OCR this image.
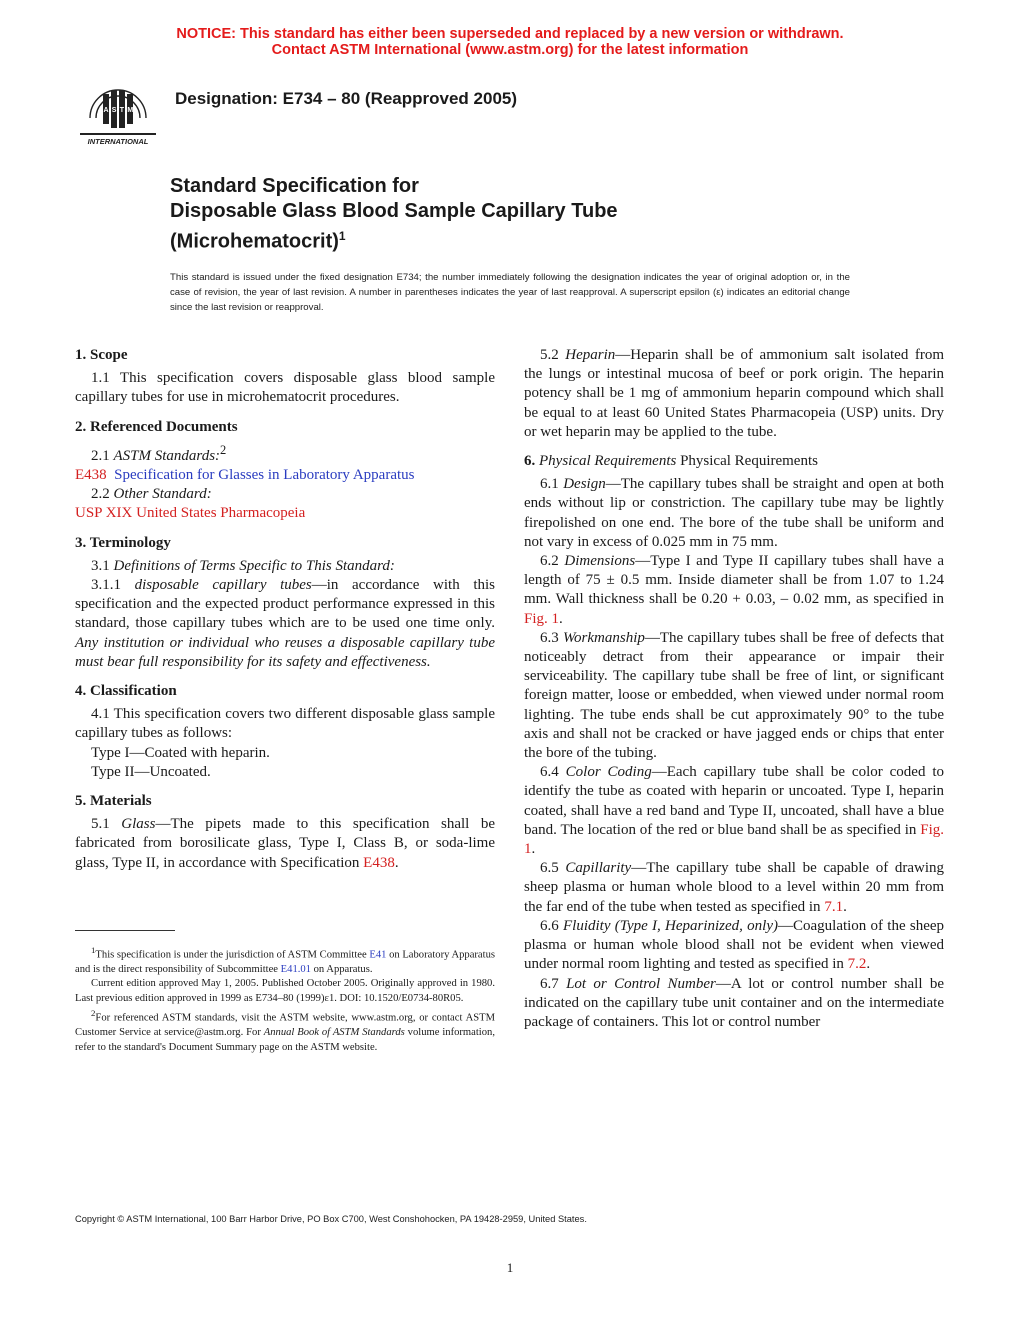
NOTICE: This standard has either been superseded and replaced by a new version or withdrawn.
Contact ASTM International (www.astm.org) for the latest information
A S T M
INTERNATIONAL
Designation: E734 – 80 (Reapproved 2005)
Standard Specification for
Disposable Glass Blood Sample Capillary Tube
(Microhematocrit)$^1$
This standard is issued under the fixed designation E734; the number immediately following the designation indicates the year of original adoption or, in the case of revision, the year of last revision. A number in parentheses indicates the year of last reapproval. A superscript epsilon (ε) indicates an editorial change since the last revision or reapproval.

1. Scope

1.1 This specification covers disposable glass blood sample capillary tubes for use in microhematocrit procedures.

2. Referenced Documents

2.1 ASTM Standards:$^2$

E438 Specification for Glasses in Laboratory Apparatus

2.2 Other Standard:

USP XIX United States Pharmacopeia

3. Terminology

3.1 Definitions of Terms Specific to This Standard:

3.1.1 disposable capillary tubes—in accordance with this specification and the expected product performance expressed in this standard, those capillary tubes which are to be used one time only. Any institution or individual who reuses a disposable capillary tube must bear full responsibility for its safety and effectiveness.

4. Classification

4.1 This specification covers two different disposable glass sample capillary tubes as follows:

Type I—Coated with heparin.

Type II—Uncoated.

5. Materials

5.1 Glass—The pipets made to this specification shall be fabricated from borosilicate glass, Type I, Class B, or soda-lime glass, Type II, in accordance with Specification E438.

$^1$This specification is under the jurisdiction of ASTM Committee E41 on Laboratory Apparatus and is the direct responsibility of Subcommittee E41.01 on Apparatus.

Current edition approved May 1, 2005. Published October 2005. Originally approved in 1980. Last previous edition approved in 1999 as E734–80 (1999)ε1. DOI: 10.1520/E0734-80R05.

$^2$For referenced ASTM standards, visit the ASTM website, www.astm.org, or contact ASTM Customer Service at service@astm.org. For Annual Book of ASTM Standards volume information, refer to the standard's Document Summary page on the ASTM website.

5.2 Heparin—Heparin shall be of ammonium salt isolated from the lungs or intestinal mucosa of beef or pork origin. The heparin potency shall be 1 mg of ammonium heparin compound which shall be equal to at least 60 United States Pharmacopeia (USP) units. Dry or wet heparin may be applied to the tube.

6. Physical Requirements Physical Requirements

6.1 Design—The capillary tubes shall be straight and open at both ends without lip or constriction. The capillary tube may be lightly firepolished on one end. The bore of the tube shall be uniform and not vary in excess of 0.025 mm in 75 mm.

6.2 Dimensions—Type I and Type II capillary tubes shall have a length of 75 ± 0.5 mm. Inside diameter shall be from 1.07 to 1.24 mm. Wall thickness shall be 0.20 + 0.03, – 0.02 mm, as specified in Fig. 1.

6.3 Workmanship—The capillary tubes shall be free of defects that noticeably detract from their appearance or impair their serviceability. The capillary tube shall be free of lint, or significant foreign matter, loose or embedded, when viewed under normal room lighting. The tube ends shall be cut approximately 90° to the tube axis and shall not be cracked or have jagged ends or chips that enter the bore of the tubing.

6.4 Color Coding—Each capillary tube shall be color coded to identify the tube as coated with heparin or uncoated. Type I, heparin coated, shall have a red band and Type II, uncoated, shall have a blue band. The location of the red or blue band shall be as specified in Fig. 1.

6.5 Capillarity—The capillary tube shall be capable of drawing sheep plasma or human whole blood to a level within 20 mm from the far end of the tube when tested as specified in 7.1.

6.6 Fluidity (Type I, Heparinized, only)—Coagulation of the sheep plasma or human whole blood shall not be evident when viewed under normal room lighting and tested as specified in 7.2.

6.7 Lot or Control Number—A lot or control number shall be indicated on the capillary tube unit container and on the intermediate package of containers. This lot or control number

Copyright © ASTM International, 100 Barr Harbor Drive, PO Box C700, West Conshohocken, PA 19428-2959, United States.
1
